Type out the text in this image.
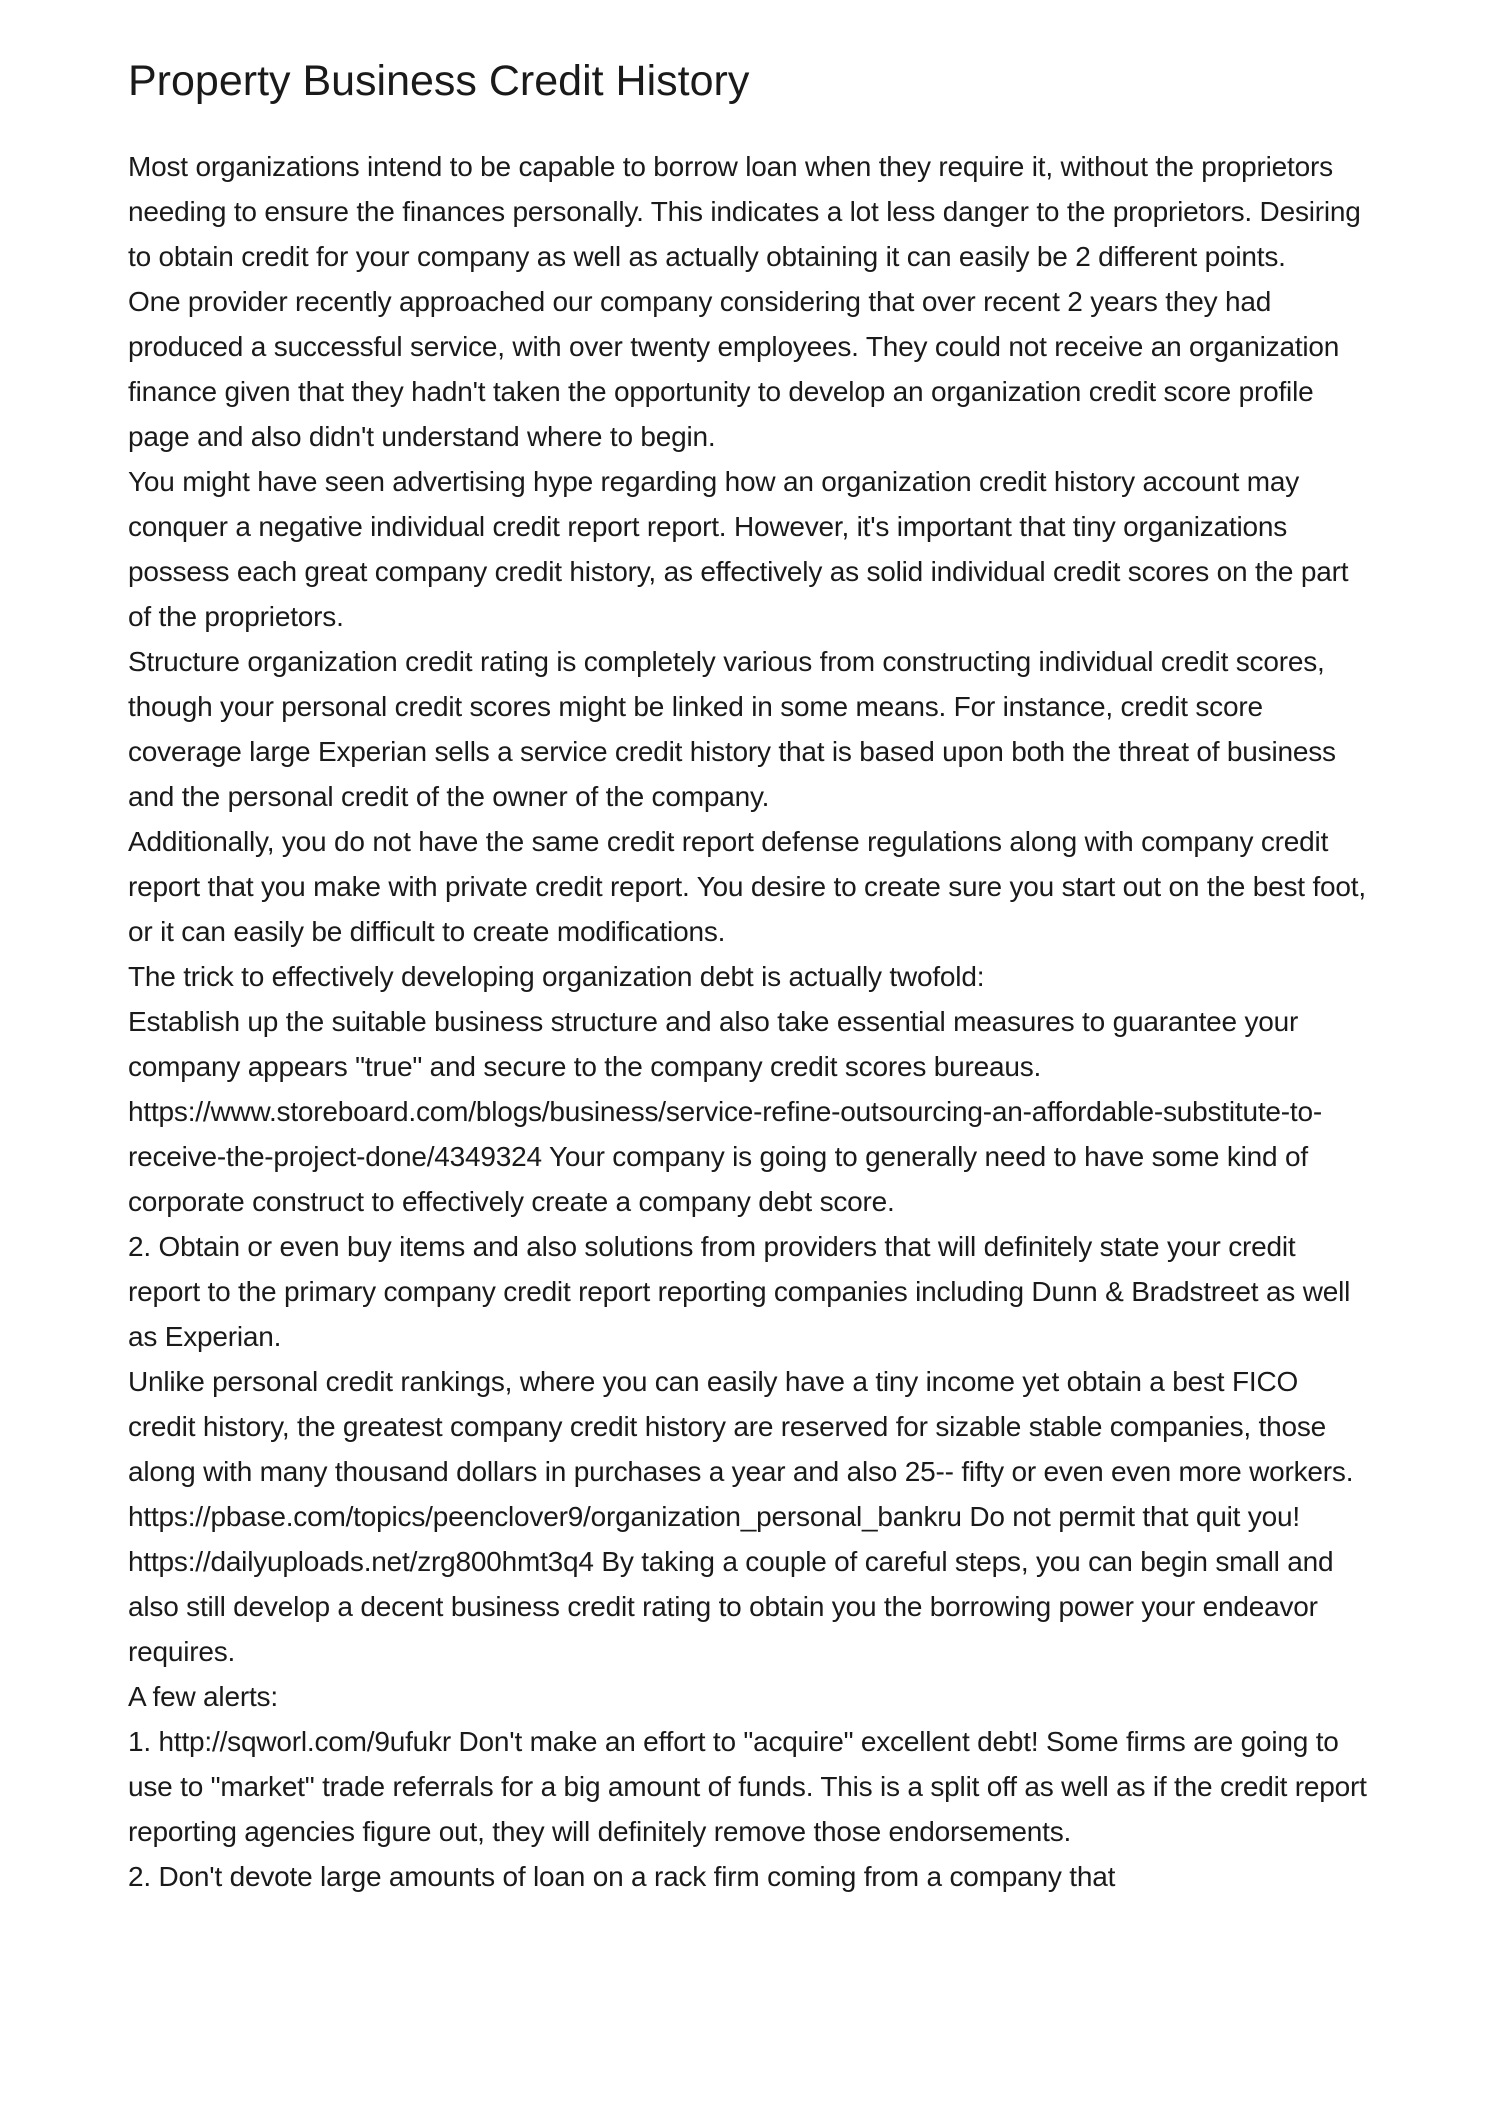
Property Business Credit History

Most organizations intend to be capable to borrow loan when they require it, without the proprietors needing to ensure the finances personally. This indicates a lot less danger to the proprietors. Desiring to obtain credit for your company as well as actually obtaining it can easily be 2 different points.

One provider recently approached our company considering that over recent 2 years they had produced a successful service, with over twenty employees. They could not receive an organization finance given that they hadn't taken the opportunity to develop an organization credit score profile page and also didn't understand where to begin.

You might have seen advertising hype regarding how an organization credit history account may conquer a negative individual credit report report. However, it's important that tiny organizations possess each great company credit history, as effectively as solid individual credit scores on the part of the proprietors.

Structure organization credit rating is completely various from constructing individual credit scores, though your personal credit scores might be linked in some means. For instance, credit score coverage large Experian sells a service credit history that is based upon both the threat of business and the personal credit of the owner of the company.

Additionally, you do not have the same credit report defense regulations along with company credit report that you make with private credit report. You desire to create sure you start out on the best foot, or it can easily be difficult to create modifications.

The trick to effectively developing organization debt is actually twofold:

Establish up the suitable business structure and also take essential measures to guarantee your company appears "true" and secure to the company credit scores bureaus. https://www.storeboard.com/blogs/business/service-refine-outsourcing-an-affordable-substitute-to-receive-the-project-done/4349324 Your company is going to generally need to have some kind of corporate construct to effectively create a company debt score.

2. Obtain or even buy items and also solutions from providers that will definitely state your credit report to the primary company credit report reporting companies including Dunn & Bradstreet as well as Experian.

Unlike personal credit rankings, where you can easily have a tiny income yet obtain a best FICO credit history, the greatest company credit history are reserved for sizable stable companies, those along with many thousand dollars in purchases a year and also 25-- fifty or even even more workers.

https://pbase.com/topics/peenclover9/organization_personal_bankru Do not permit that quit you! https://dailyuploads.net/zrg800hmt3q4 By taking a couple of careful steps, you can begin small and also still develop a decent business credit rating to obtain you the borrowing power your endeavor requires.

A few alerts:

1. http://sqworl.com/9ufukr Don't make an effort to "acquire" excellent debt! Some firms are going to use to "market" trade referrals for a big amount of funds. This is a split off as well as if the credit report reporting agencies figure out, they will definitely remove those endorsements.

2. Don't devote large amounts of loan on a rack firm coming from a company that
